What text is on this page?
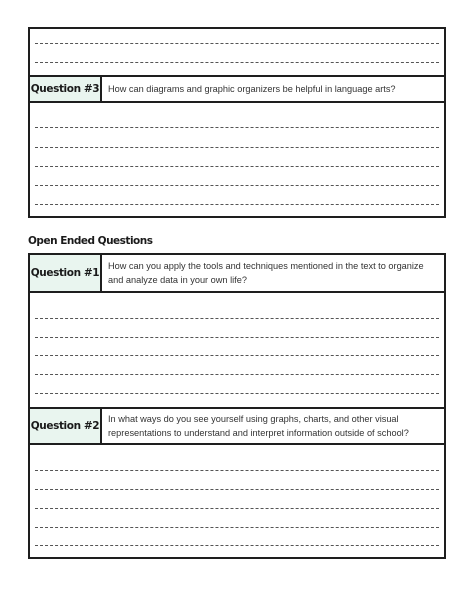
Question #3 How can diagrams and graphic organizers be helpful in language arts?
Open Ended Questions
Question #1
How can you apply the tools and techniques mentioned in the text to organize and analyze data in your own life?
Question #2
In what ways do you see yourself using graphs, charts, and other visual representations to understand and interpret information outside of school?
